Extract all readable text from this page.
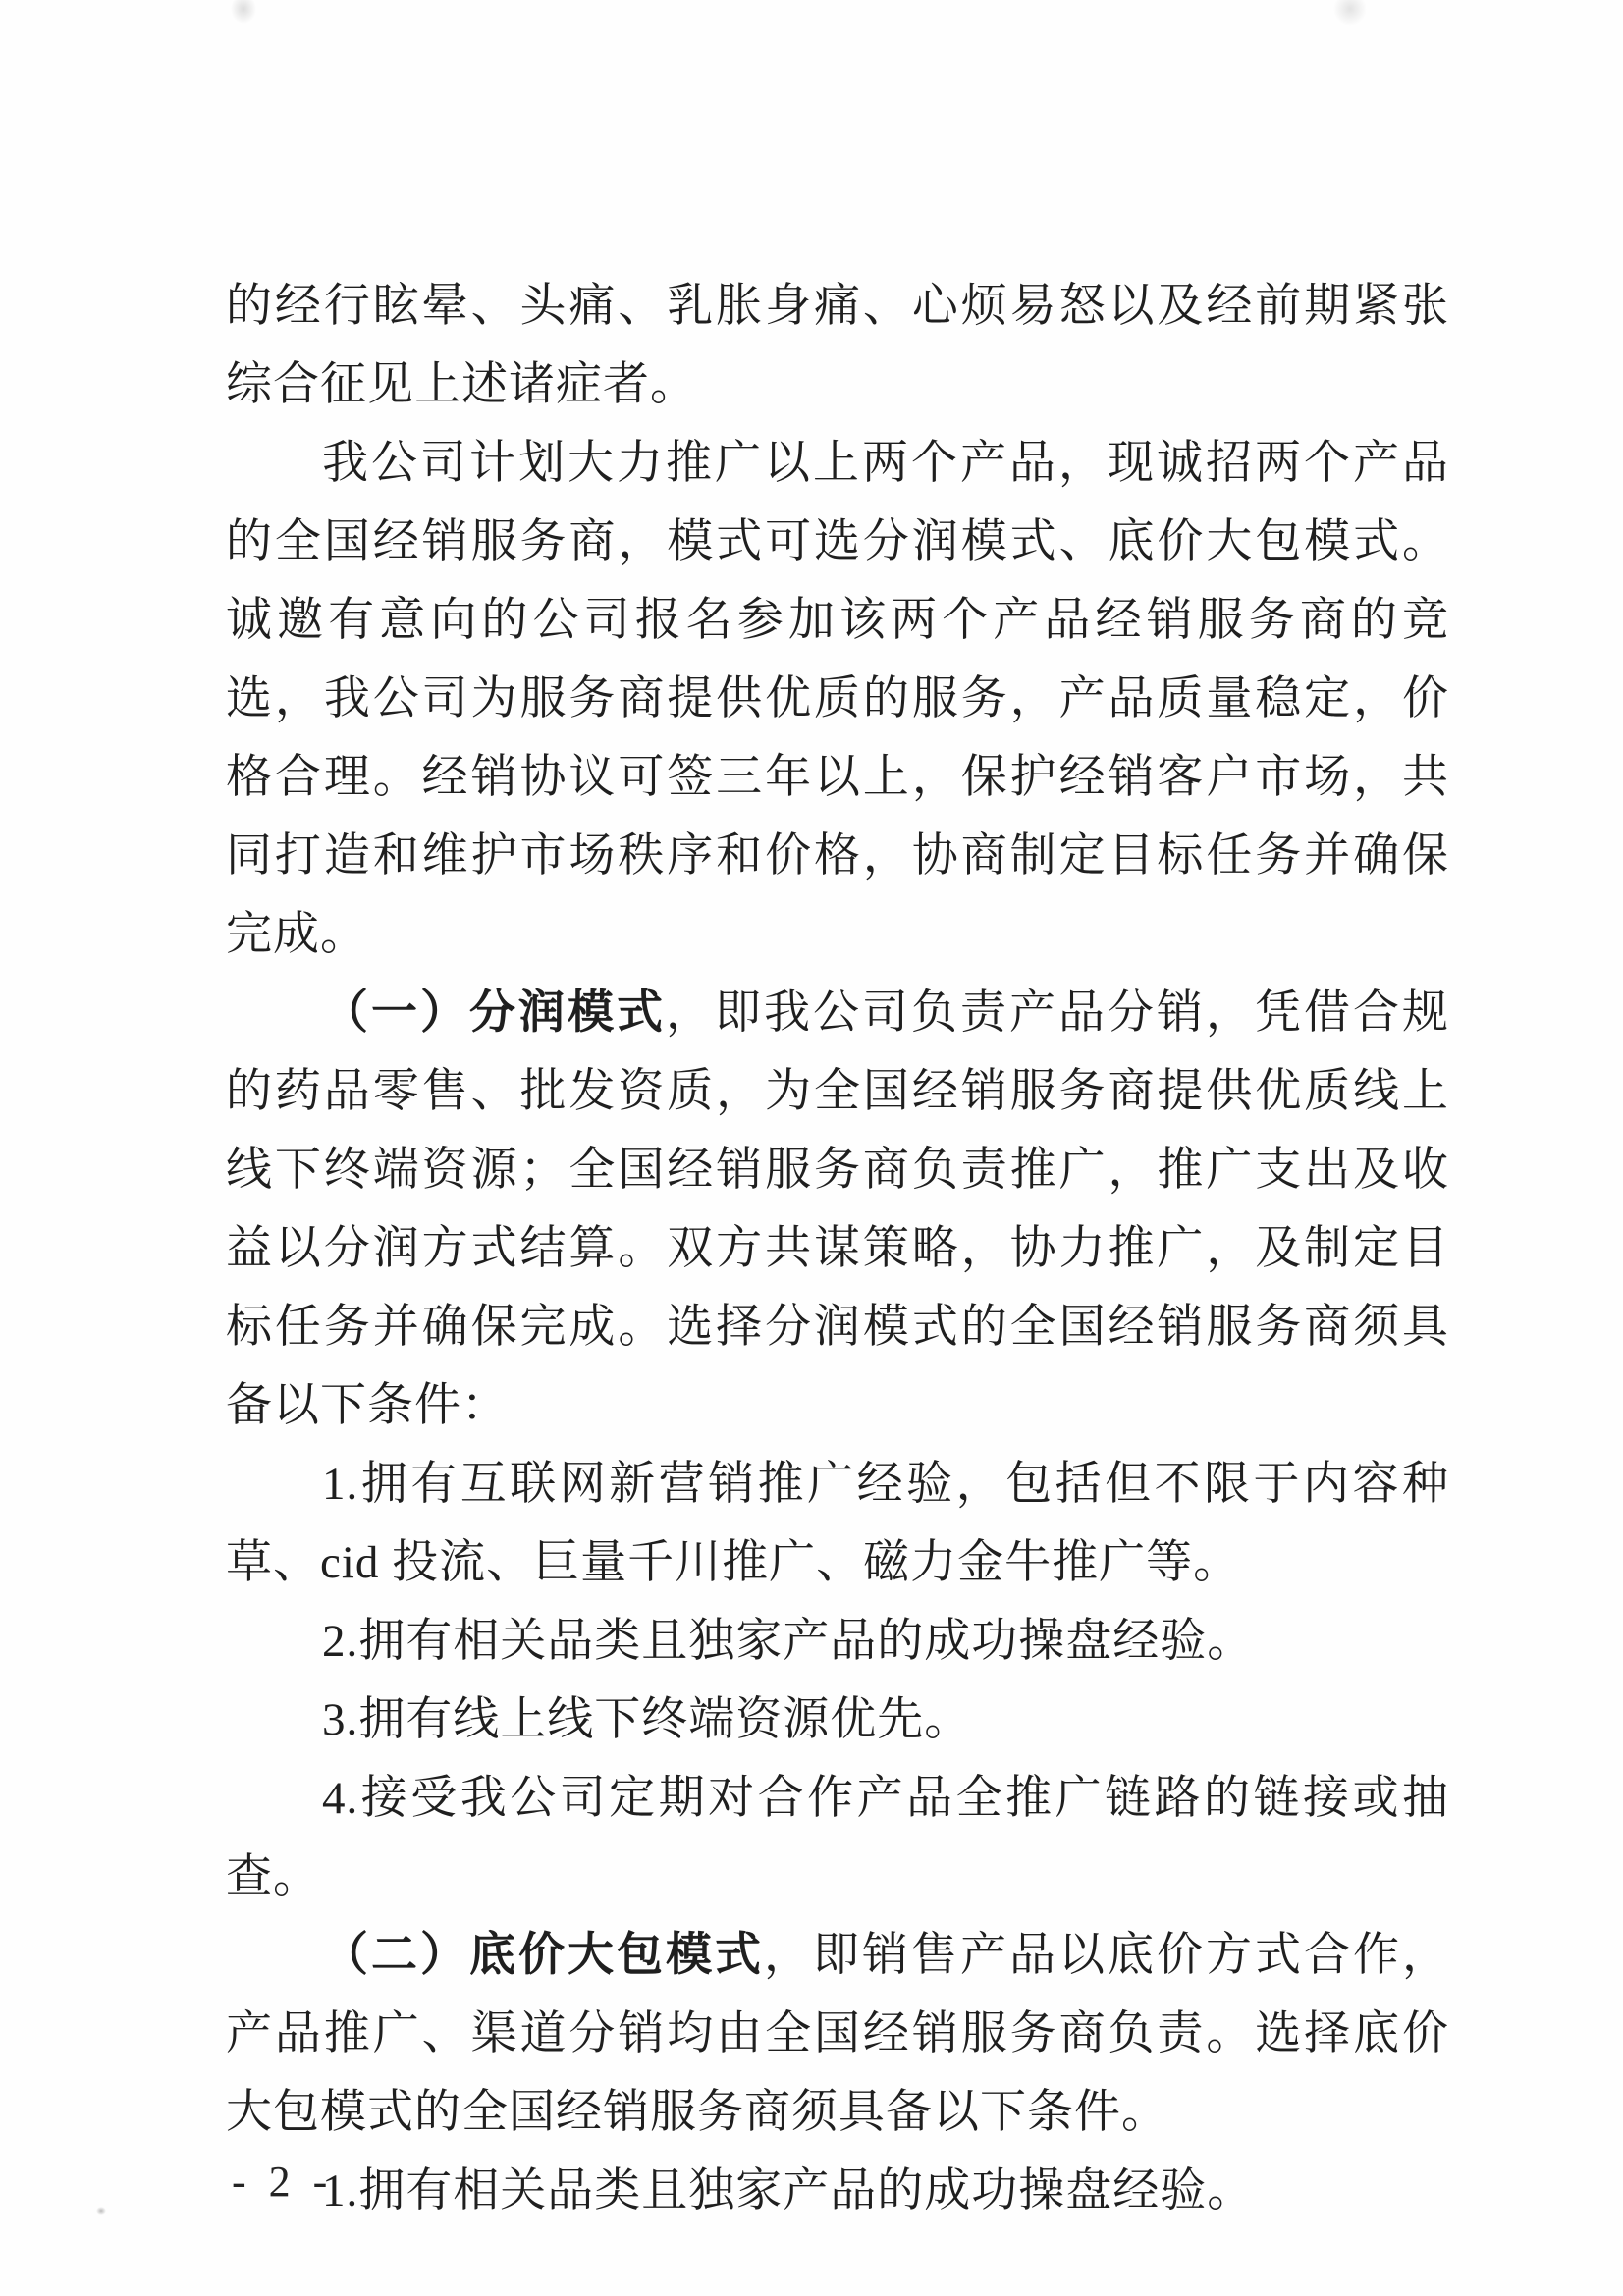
的经行眩晕、头痛、乳胀身痛、心烦易怒以及经前期紧张综合征见上述诸症者。

我公司计划大力推广以上两个产品，现诚招两个产品的全国经销服务商，模式可选分润模式、底价大包模式。诚邀有意向的公司报名参加该两个产品经销服务商的竞选，我公司为服务商提供优质的服务，产品质量稳定，价格合理。经销协议可签三年以上，保护经销客户市场，共同打造和维护市场秩序和价格，协商制定目标任务并确保完成。

（一）分润模式，即我公司负责产品分销，凭借合规的药品零售、批发资质，为全国经销服务商提供优质线上线下终端资源；全国经销服务商负责推广，推广支出及收益以分润方式结算。双方共谋策略，协力推广，及制定目标任务并确保完成。选择分润模式的全国经销服务商须具备以下条件：

1.拥有互联网新营销推广经验，包括但不限于内容种草、cid 投流、巨量千川推广、磁力金牛推广等。

2.拥有相关品类且独家产品的成功操盘经验。

3.拥有线上线下终端资源优先。

4.接受我公司定期对合作产品全推广链路的链接或抽查。

（二）底价大包模式，即销售产品以底价方式合作，产品推广、渠道分销均由全国经销服务商负责。选择底价大包模式的全国经销服务商须具备以下条件。

1.拥有相关品类且独家产品的成功操盘经验。

- 2 -
